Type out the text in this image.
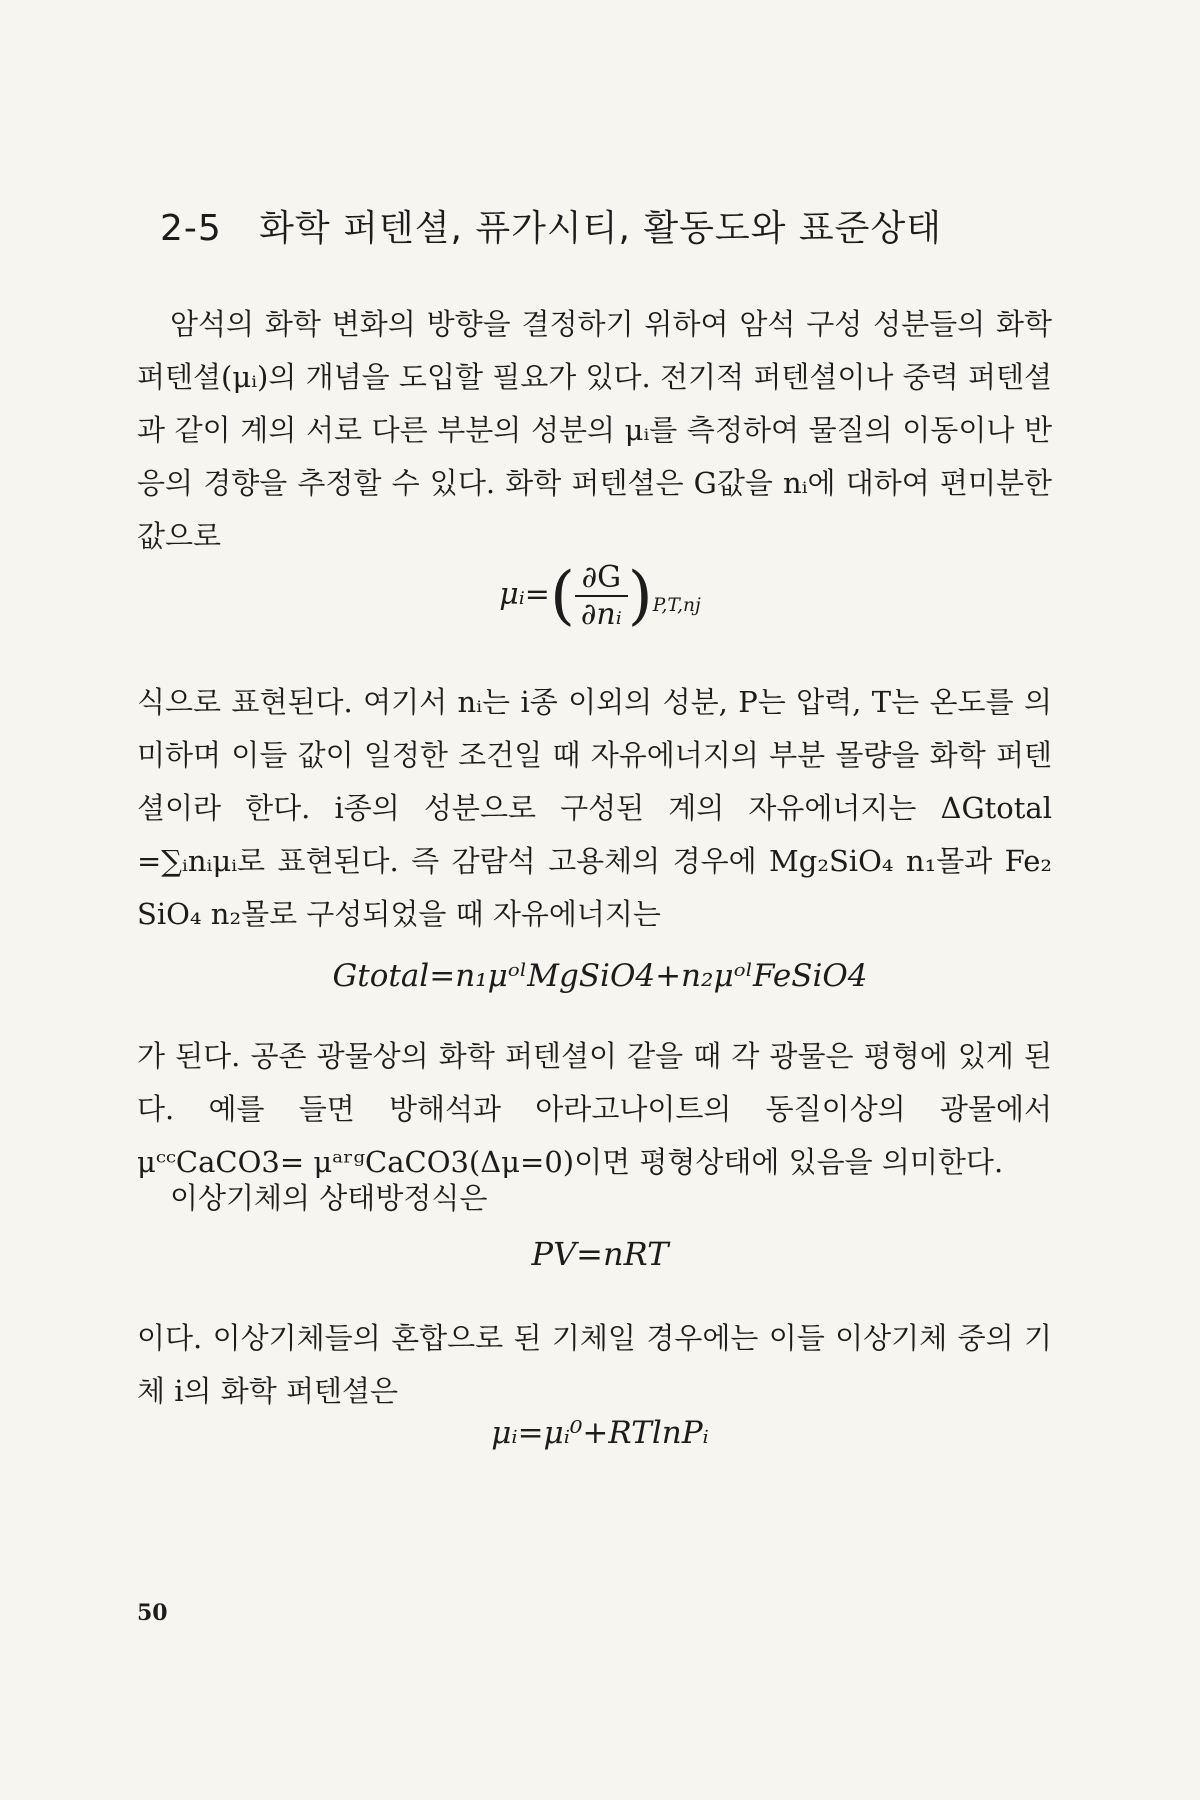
2-5 화학 퍼텐셜, 퓨가시티, 활동도와 표준상태
암석의 화학 변화의 방향을 결정하기 위하여 암석 구성 성분들의 화학 퍼텐셜(μᵢ)의 개념을 도입할 필요가 있다. 전기적 퍼텐셜이나 중력 퍼텐셜과 같이 계의 서로 다른 부분의 성분의 μᵢ를 측정하여 물질의 이동이나 반응의 경향을 추정할 수 있다. 화학 퍼텐셜은 G값을 nᵢ에 대하여 편미분한 값으로
μᵢ=( $\frac{\partial G}{\text{∂nᵢ}} )_{P,T,nj}$
식으로 표현된다. 여기서 nᵢ는 i종 이외의 성분, P는 압력, T는 온도를 의미하며 이들 값이 일정한 조건일 때 자유에너지의 부분 몰량을 화학 퍼텐셜이라 한다. i종의 성분으로 구성된 계의 자유에너지는 ΔGtotal =∑ᵢnᵢμᵢ로 표현된다. 즉 감람석 고용체의 경우에 Mg₂SiO₄ n₁몰과 Fe₂ SiO₄ n₂몰로 구성되었을 때 자유에너지는
Gtotal=n₁μᵒˡMgSiO4+n₂μᵒˡFeSiO4
가 된다. 공존 광물상의 화학 퍼텐셜이 같을 때 각 광물은 평형에 있게 된다. 예를 들면 방해석과 아라고나이트의 동질이상의 광물에서 μᶜᶜCaCO3= μᵃʳᵍCaCO3(Δμ=0)이면 평형상태에 있음을 의미한다.
이상기체의 상태방정식은
PV=nRT
이다. 이상기체들의 혼합으로 된 기체일 경우에는 이들 이상기체 중의 기체 i의 화학 퍼텐셜은
μᵢ=μᵢ⁰+RTlnPᵢ
50
